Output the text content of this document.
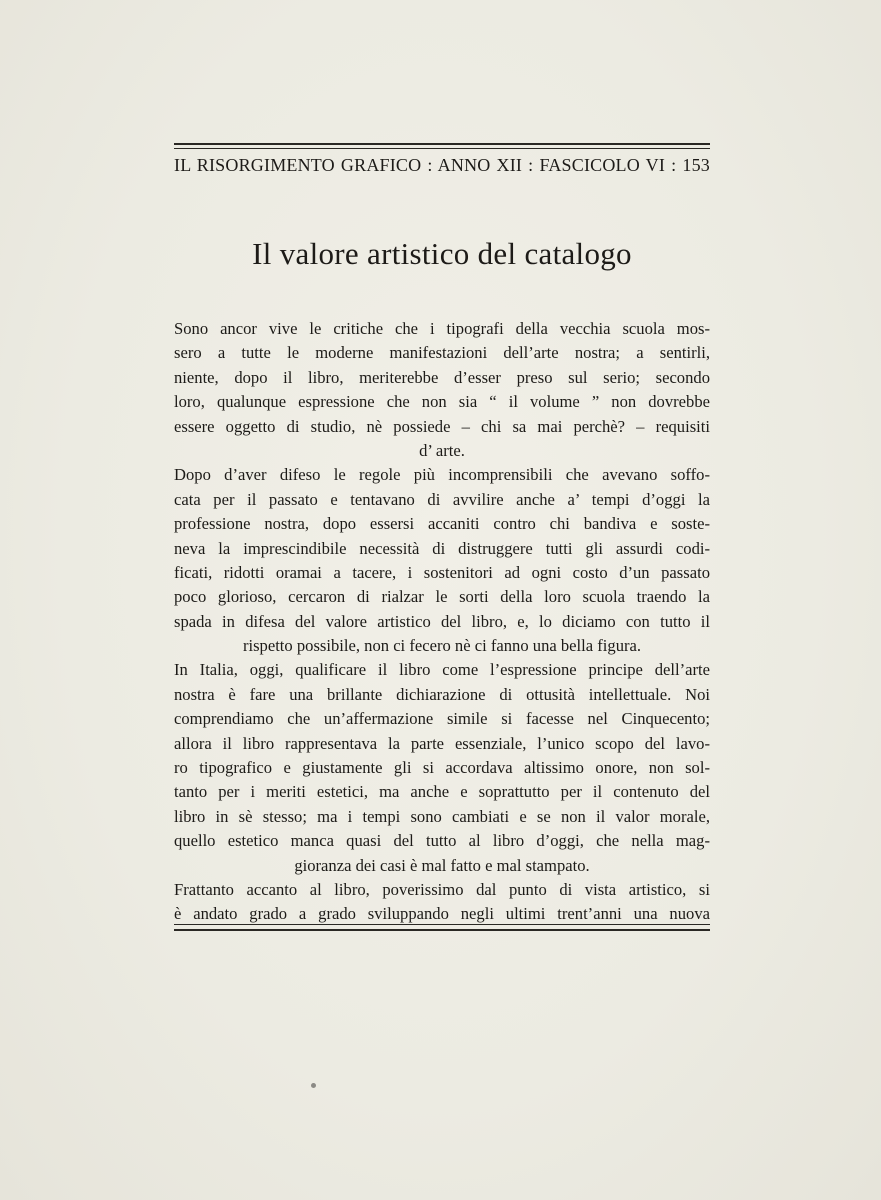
IL RISORGIMENTO GRAFICO : ANNO XII : FASCICOLO VI : 153
Il valore artistico del catalogo
Sono ancor vive le critiche che i tipografi della vecchia scuola mos-
sero a tutte le moderne manifestazioni dell’arte nostra; a sentirli,
niente, dopo il libro, meriterebbe d’esser preso sul serio; secondo
loro, qualunque espressione che non sia “ il volume ” non dovrebbe
essere oggetto di studio, nè possiede – chi sa mai perchè? – requisiti
d’ arte.
Dopo d’aver difeso le regole più incomprensibili che avevano soffo-
cata per il passato e tentavano di avvilire anche a’ tempi d’oggi la
professione nostra, dopo essersi accaniti contro chi bandiva e soste-
neva la imprescindibile necessità di distruggere tutti gli assurdi codi-
ficati, ridotti oramai a tacere, i sostenitori ad ogni costo d’un passato
poco glorioso, cercaron di rialzar le sorti della loro scuola traendo la
spada in difesa del valore artistico del libro, e, lo diciamo con tutto il
rispetto possibile, non ci fecero nè ci fanno una bella figura.
In Italia, oggi, qualificare il libro come l’espressione principe dell’arte
nostra è fare una brillante dichiarazione di ottusità intellettuale. Noi
comprendiamo che un’affermazione simile si facesse nel Cinquecento;
allora il libro rappresentava la parte essenziale, l’unico scopo del lavo-
ro tipografico e giustamente gli si accordava altissimo onore, non sol-
tanto per i meriti estetici, ma anche e soprattutto per il contenuto del
libro in sè stesso; ma i tempi sono cambiati e se non il valor morale,
quello estetico manca quasi del tutto al libro d’oggi, che nella mag-
gioranza dei casi è mal fatto e mal stampato.
Frattanto accanto al libro, poverissimo dal punto di vista artistico, si
è andato grado a grado sviluppando negli ultimi trent’anni una nuova
